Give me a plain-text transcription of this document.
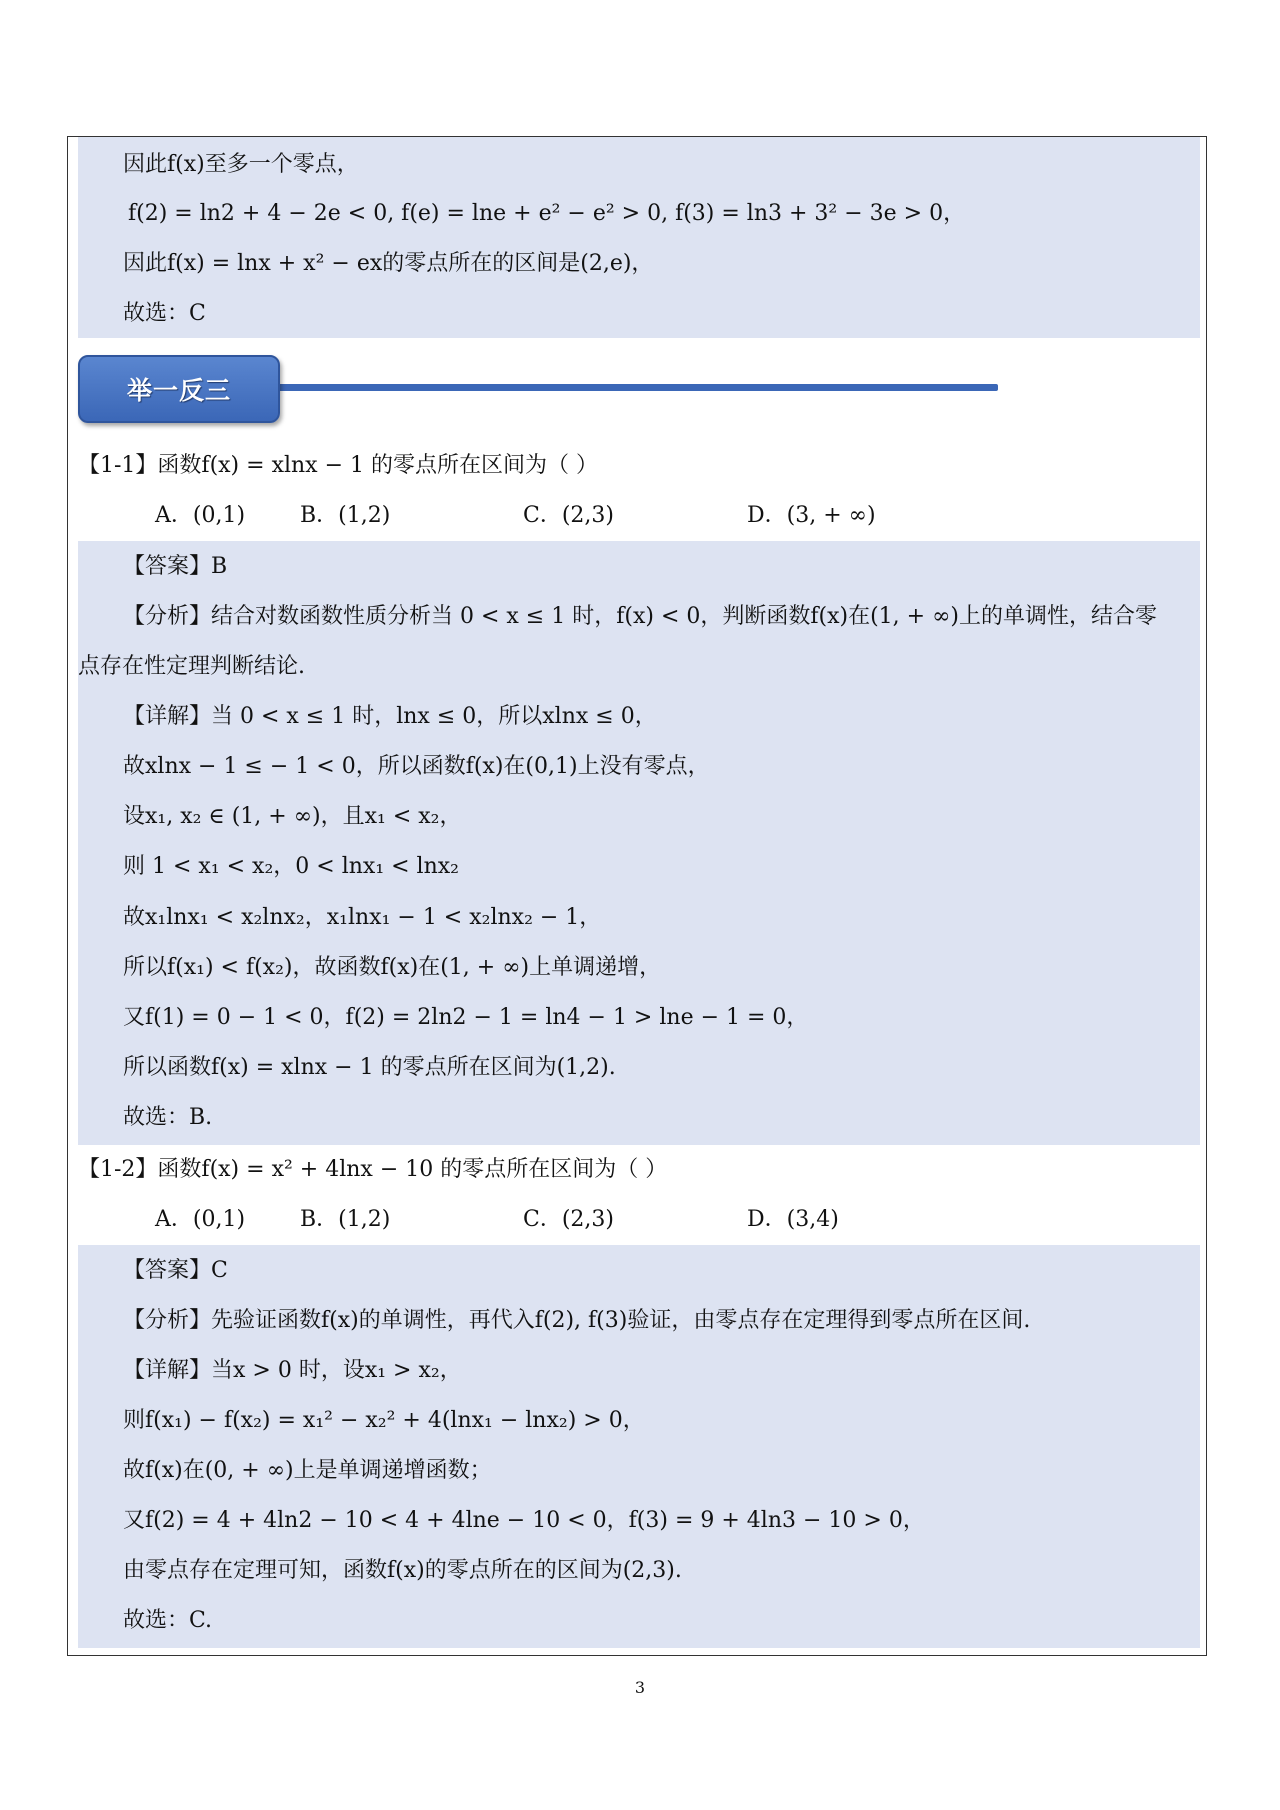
因此f(x)至多一个零点，
f(2) = ln2 + 4 − 2e < 0, f(e) = lne + e² − e² > 0, f(3) = ln3 + 3² − 3e > 0，
因此f(x) = lnx + x² − ex的零点所在的区间是(2,e)，
故选：C
举一反三
【1-1】函数f(x) = xlnx − 1 的零点所在区间为（ ）
A．(0,1) B．(1,2)	C．(2,3)	D．(3, + ∞)
【答案】B
【分析】结合对数函数性质分析当 0 < x ≤ 1 时，f(x) < 0，判断函数f(x)在(1, + ∞)上的单调性，结合零
点存在性定理判断结论.
【详解】当 0 < x ≤ 1 时，lnx ≤ 0，所以xlnx ≤ 0，
故xlnx − 1 ≤ − 1 < 0，所以函数f(x)在(0,1)上没有零点，
设x₁, x₂ ∈ (1, + ∞)，且x₁ < x₂，
则 1 < x₁ < x₂，0 < lnx₁ < lnx₂
故x₁lnx₁ < x₂lnx₂，x₁lnx₁ − 1 < x₂lnx₂ − 1，
所以f(x₁) < f(x₂)，故函数f(x)在(1, + ∞)上单调递增，
又f(1) = 0 − 1 < 0，f(2) = 2ln2 − 1 = ln4 − 1 > lne − 1 = 0，
所以函数f(x) = xlnx − 1 的零点所在区间为(1,2).
故选：B.
【1-2】函数f(x) = x² + 4lnx − 10 的零点所在区间为（ ）
A．(0,1) B．(1,2)	C．(2,3)	D．(3,4)
【答案】C
【分析】先验证函数f(x)的单调性，再代入f(2), f(3)验证，由零点存在定理得到零点所在区间.
【详解】当x > 0 时，设x₁ > x₂，
则f(x₁) − f(x₂) = x₁² − x₂² + 4(lnx₁ − lnx₂) > 0，
故f(x)在(0, + ∞)上是单调递增函数；
又f(2) = 4 + 4ln2 − 10 < 4 + 4lne − 10 < 0，f(3) = 9 + 4ln3 − 10 > 0，
由零点存在定理可知，函数f(x)的零点所在的区间为(2,3).
故选：C.
3
